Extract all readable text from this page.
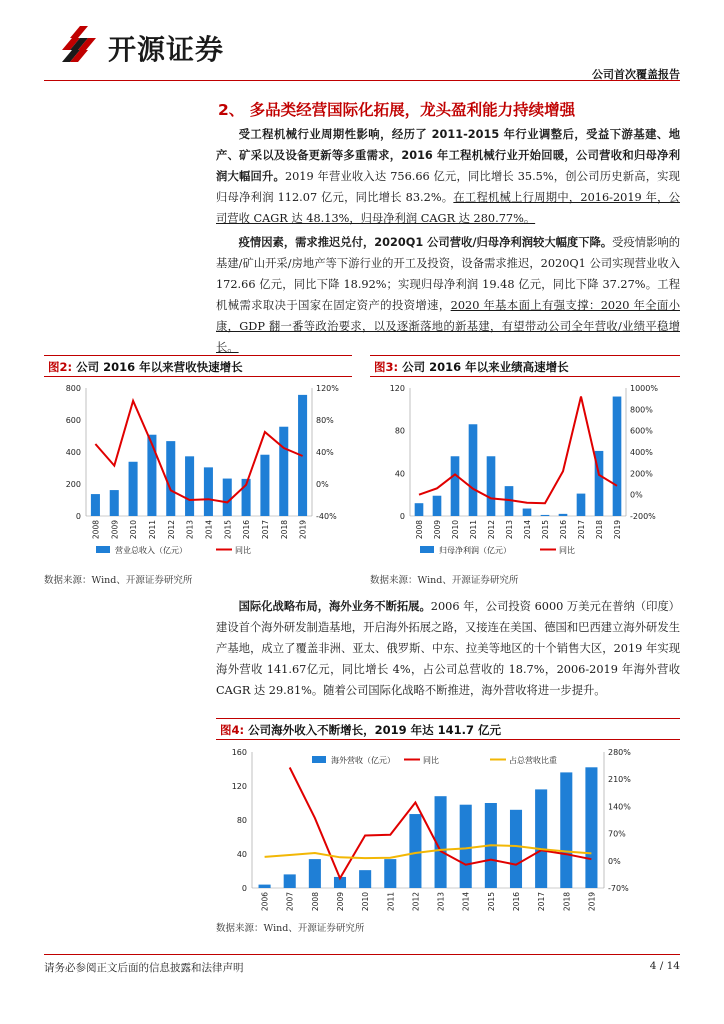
开源证券
公司首次覆盖报告
2、 多品类经营国际化拓展，龙头盈利能力持续增强
受工程机械行业周期性影响，经历了 2011-2015 年行业调整后，受益下游基建、地产、矿采以及设备更新等多重需求，2016 年工程机械行业开始回暖，公司营收和归母净利润大幅回升。2019 年营业收入达 756.66 亿元，同比增长 35.5%，创公司历史新高，实现归母净利润 112.07 亿元，同比增长 83.2%。在工程机械上行周期中，2016-2019 年，公司营收 CAGR 达 48.13%，归母净利润 CAGR 达 280.77%。
疫情因素，需求推迟兑付，2020Q1 公司营收/归母净利润较大幅度下降。受疫情影响的基建/矿山开采/房地产等下游行业的开工及投资，设备需求推迟，2020Q1 公司实现营业收入 172.66 亿元，同比下降 18.92%；实现归母净利润 19.48 亿元，同比下降 37.27%。工程机械需求取决于国家在固定资产的投资增速，2020 年基本面上有强支撑：2020 年全面小康，GDP 翻一番等政治要求，以及逐渐落地的新基建，有望带动公司全年营收/业绩平稳增长。
图2: 公司 2016 年以来营收快速增长
0
200
400
600
800
-40%
0%
40%
80%
120%
2008 2009 2010 2011 2012 2013 2014 2015 2016 2017 2018 2019
营业总收入（亿元）	同比
数据来源：Wind、开源证券研究所
图3: 公司 2016 年以来业绩高速增长
0
40
80
120
-200%
0%
200%
400%
600%
800%
1000%
2008 2009 2010 2011 2012 2013 2014 2015 2016 2017 2018 2019
归母净利润（亿元）	同比
数据来源：Wind、开源证券研究所
国际化战略布局，海外业务不断拓展。2006 年，公司投资 6000 万美元在普纳（印度）建设首个海外研发制造基地，开启海外拓展之路，又接连在美国、德国和巴西建立海外研发生产基地，成立了覆盖非洲、亚太、俄罗斯、中东、拉美等地区的十个销售大区，2019 年实现海外营收 141.67亿元，同比增长 4%，占公司总营收的 18.7%，2006-2019 年海外营收 CAGR 达 29.81%。随着公司国际化战略不断推进，海外营收将进一步提升。
图4: 公司海外收入不断增长，2019 年达 141.7 亿元
0
40
80
120
160
-70%
0%
70%
140%
210%
280%
2006 2007 2008 2009 2010 2011 2012 2013 2014 2015 2016 2017 2018 2019
海外营收（亿元）	同比	占总营收比重
数据来源：Wind、开源证券研究所
请务必参阅正文后面的信息披露和法律声明	4 / 14
